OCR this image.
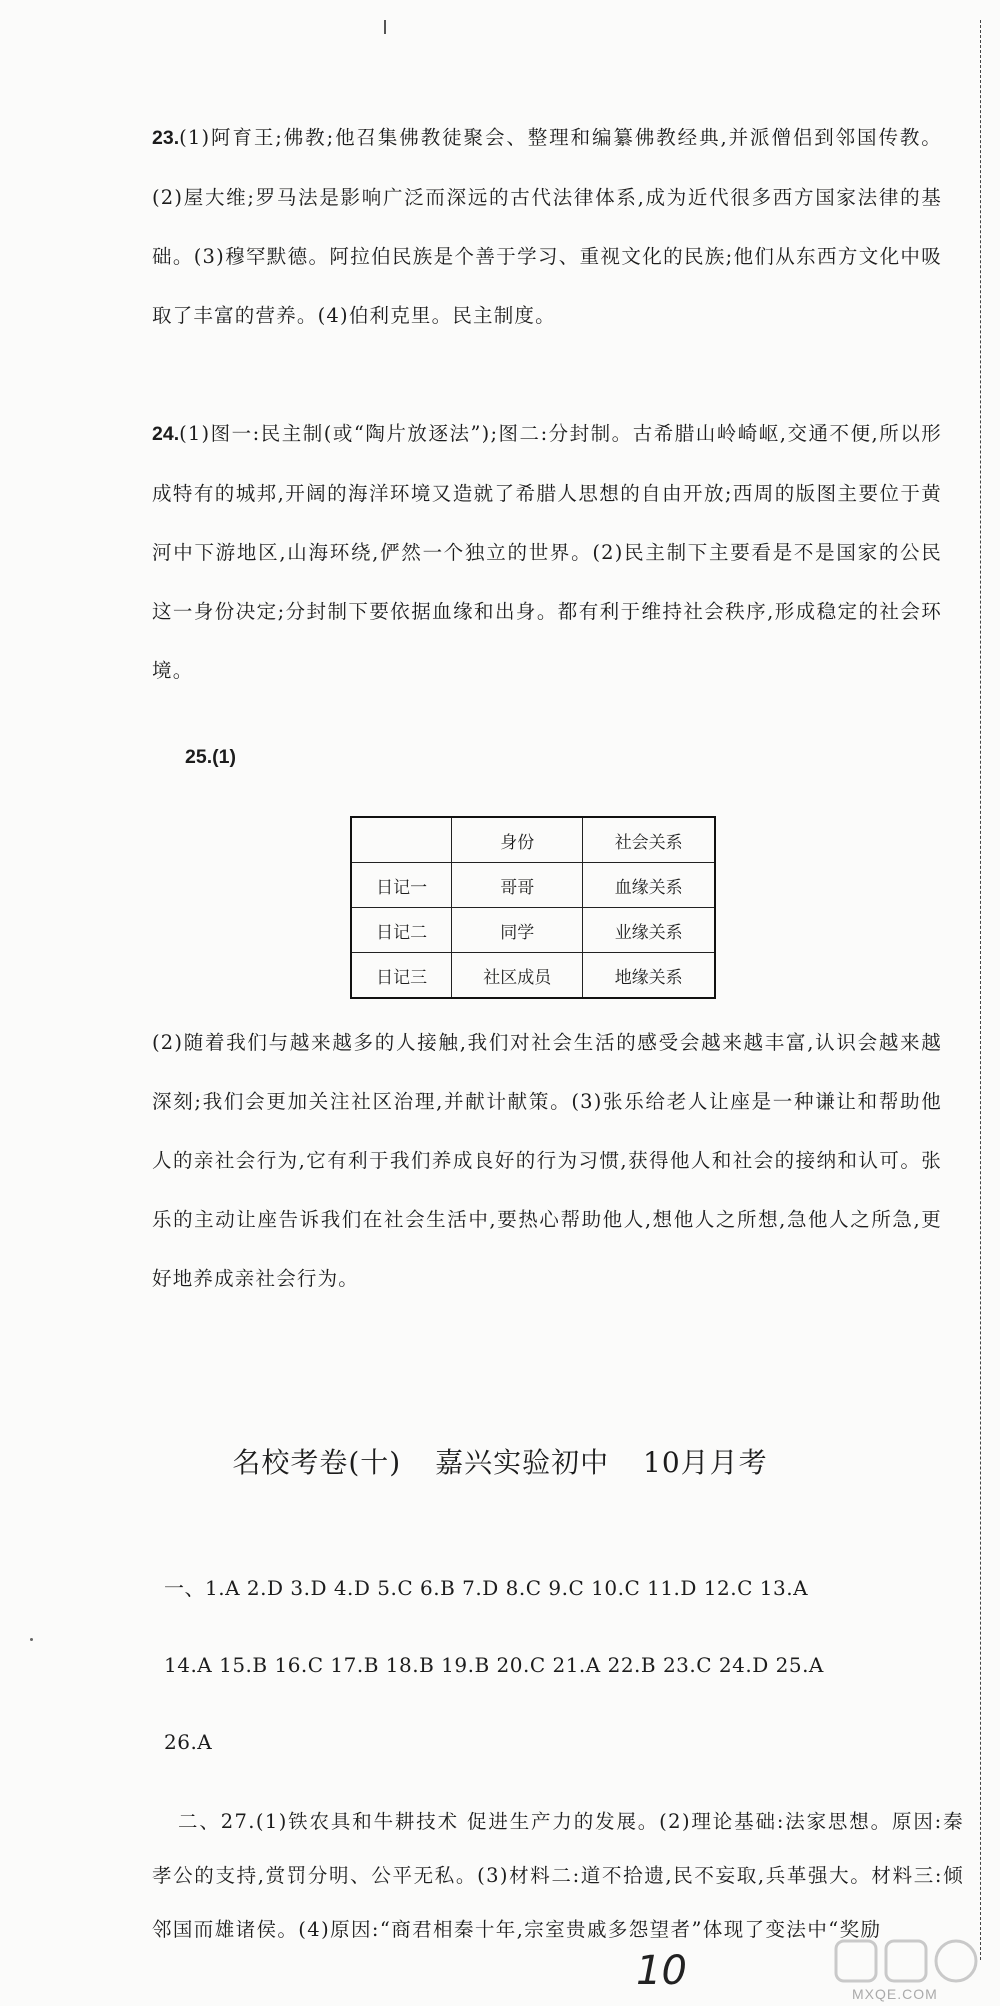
23.(1)阿育王;佛教;他召集佛教徒聚会、整理和编纂佛教经典,并派僧侣到邻国传教。(2)屋大维;罗马法是影响广泛而深远的古代法律体系,成为近代很多西方国家法律的基础。(3)穆罕默德。阿拉伯民族是个善于学习、重视文化的民族;他们从东西方文化中吸取了丰富的营养。(4)伯利克里。民主制度。

24.(1)图一:民主制(或“陶片放逐法”);图二:分封制。古希腊山岭崎岖,交通不便,所以形成特有的城邦,开阔的海洋环境又造就了希腊人思想的自由开放;西周的版图主要位于黄河中下游地区,山海环绕,俨然一个独立的世界。(2)民主制下主要看是不是国家的公民这一身份决定;分封制下要依据血缘和出身。都有利于维持社会秩序,形成稳定的社会环境。

25.(1)
	身份	社会关系
日记一	哥哥	血缘关系
日记二	同学	业缘关系
日记三	社区成员	地缘关系

(2)随着我们与越来越多的人接触,我们对社会生活的感受会越来越丰富,认识会越来越深刻;我们会更加关注社区治理,并献计献策。(3)张乐给老人让座是一种谦让和帮助他人的亲社会行为,它有利于我们养成良好的行为习惯,获得他人和社会的接纳和认可。张乐的主动让座告诉我们在社会生活中,要热心帮助他人,想他人之所想,急他人之所急,更好地养成亲社会行为。

名校考卷(十) 嘉兴实验初中 10月月考
一、1.A 2.D 3.D 4.D 5.C 6.B 7.D 8.C 9.C 10.C 11.D 12.C 13.A
14.A 15.B 16.C 17.B 18.B 19.B 20.C 21.A 22.B 23.C 24.D 25.A
26.A

二、27.(1)铁农具和牛耕技术 促进生产力的发展。(2)理论基础:法家思想。原因:秦孝公的支持,赏罚分明、公平无私。(3)材料二:道不拾遗,民不妄取,兵革强大。材料三:倾邻国而雄诸侯。(4)原因:“商君相秦十年,宗室贵戚多怨望者”体现了变法中“奖励

10	MXQE.COM
